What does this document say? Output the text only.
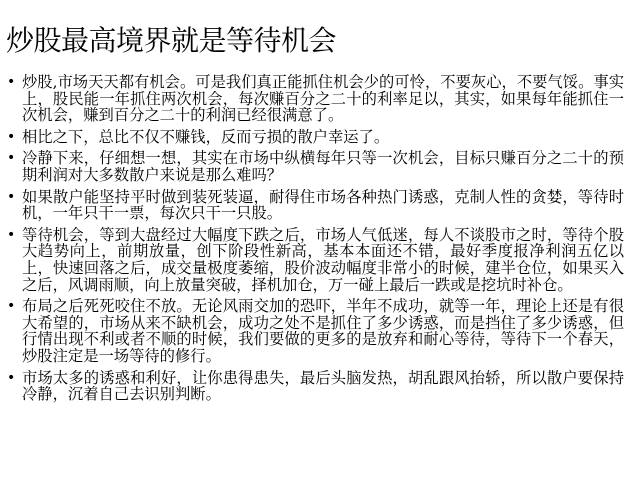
炒股最高境界就是等待机会
• 炒股,市场天天都有机会。可是我们真正能抓住机会少的可怜，不要灰心，不要气馁。事实上，股民能一年抓住两次机会，每次赚百分之二十的利率足以，其实，如果每年能抓住一次机会，赚到百分之二十的利润已经很满意了。
• 相比之下，总比不仅不赚钱，反而亏损的散户幸运了。
• 冷静下来，仔细想一想，其实在市场中纵横每年只等一次机会，目标只赚百分之二十的预期利润对大多数散户来说是那么难吗？
• 如果散户能坚持平时做到装死装逼，耐得住市场各种热门诱惑，克制人性的贪婪，等待时机，一年只干一票，每次只干一只股。
• 等待机会，等到大盘经过大幅度下跌之后，市场人气低迷，每人不谈股市之时，等待个股大趋势向上，前期放量，创下阶段性新高，基本本面还不错，最好季度报净利润五亿以上，快速回落之后，成交量极度萎缩，股价波动幅度非常小的时候，建半仓位，如果买入之后，风调雨顺，向上放量突破，择机加仓，万一碰上最后一跌或是挖坑时补仓。
• 布局之后死死咬住不放。无论风雨交加的恐吓，半年不成功，就等一年，理论上还是有很大希望的，市场从来不缺机会，成功之处不是抓住了多少诱惑，而是挡住了多少诱惑，但行情出现不利或者不顺的时候，我们要做的更多的是放弃和耐心等待，等待下一个春天，炒股注定是一场等待的修行。
• 市场太多的诱惑和利好，让你患得患失，最后头脑发热，胡乱跟风抬轿，所以散户要保持冷静，沉着自己去识别判断。
